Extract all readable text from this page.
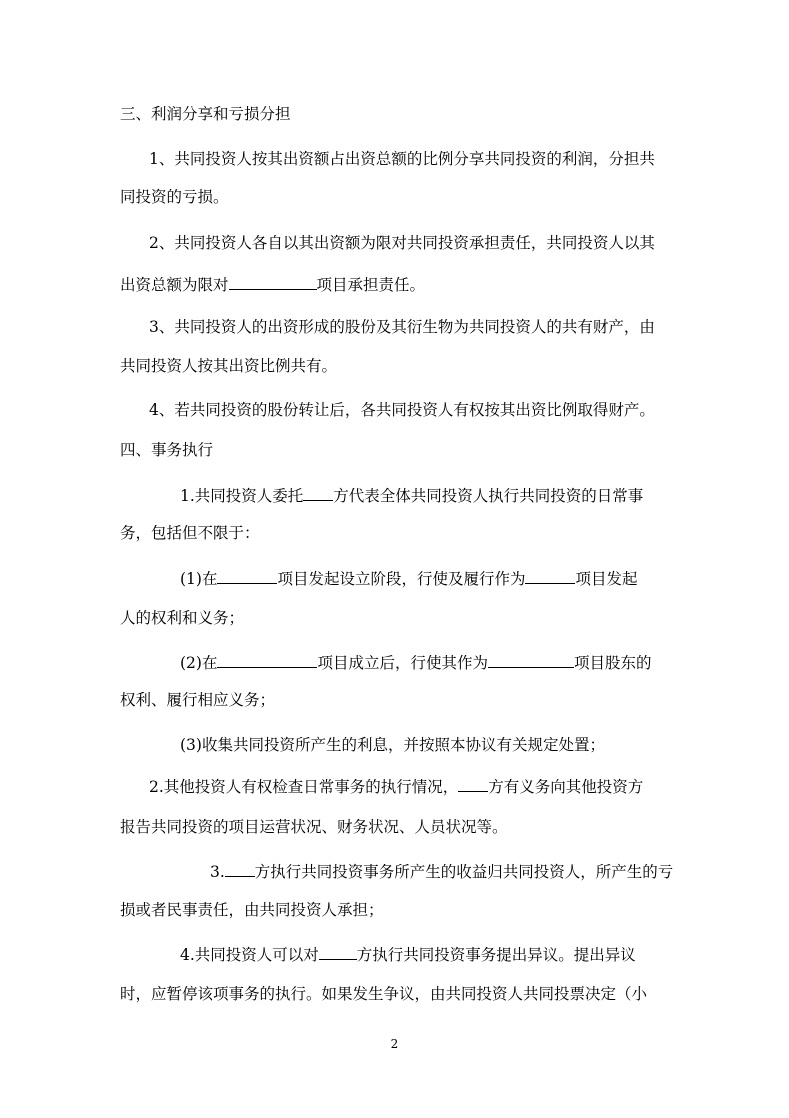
三、利润分享和亏损分担
1、共同投资人按其出资额占出资总额的比例分享共同投资的利润，分担共
同投资的亏损。
2、共同投资人各自以其出资额为限对共同投资承担责任，共同投资人以其
出资总额为限对	项目承担责任。
3、共同投资人的出资形成的股份及其衍生物为共同投资人的共有财产，由
共同投资人按其出资比例共有。
4、若共同投资的股份转让后，各共同投资人有权按其出资比例取得财产。
四、事务执行
1.共同投资人委托 方代表全体共同投资人执行共同投资的日常事
务，包括但不限于：
(1)在	项目发起设立阶段，行使及履行作为	项目发起
人的权利和义务；
(2)在	项目成立后，行使其作为	项目股东的
权利、履行相应义务；
(3)收集共同投资所产生的利息，并按照本协议有关规定处置；
2.其他投资人有权检查日常事务的执行情况， 方有义务向其他投资方
报告共同投资的项目运营状况、财务状况、人员状况等。
3. 方执行共同投资事务所产生的收益归共同投资人，所产生的亏
损或者民事责任，由共同投资人承担；
4.共同投资人可以对 方执行共同投资事务提出异议。提出异议
时，应暂停该项事务的执行。如果发生争议，由共同投资人共同投票决定（小
2
